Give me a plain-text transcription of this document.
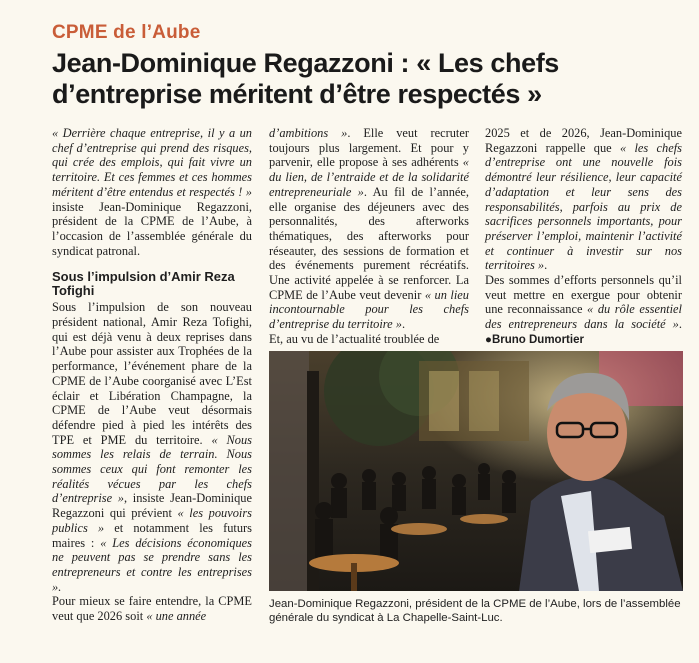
CPME de l’Aube
Jean-Dominique Regazzoni : « Les chefs d’entreprise méritent d’être respectés »

« Derrière chaque entreprise, il y a un chef d’entreprise qui prend des risques, qui crée des emplois, qui fait vivre un territoire. Et ces femmes et ces hommes méritent d’être entendus et respectés ! » insiste Jean-Dominique Regazzoni, président de la CPME de l’Aube, à l’occasion de l’assemblée générale du syndicat patronal.

Sous l’impulsion d’Amir Reza Tofighi

Sous l’impulsion de son nouveau président national, Amir Reza Tofighi, qui est déjà venu à deux reprises dans l’Aube pour assister aux Trophées de la performance, l’événement phare de la CPME de l’Aube coorganisé avec L’Est éclair et Libération Champagne, la CPME de l’Aube veut désormais défendre pied à pied les intérêts des TPE et PME du territoire. « Nous sommes les relais de terrain. Nous sommes ceux qui font remonter les réalités vécues par les chefs d’entreprise », insiste Jean-Dominique Regazzoni qui prévient « les pouvoirs publics » et notamment les futurs maires : « Les décisions économiques ne peuvent pas se prendre sans les entrepreneurs et contre les entreprises ».

Pour mieux se faire entendre, la CPME veut que 2026 soit « une année

d’ambitions ». Elle veut recruter toujours plus largement. Et pour y parvenir, elle propose à ses adhérents « du lien, de l’entraide et de la solidarité entrepreneuriale ». Au fil de l’année, elle organise des déjeuners avec des personnalités, des afterworks thématiques, des afterworks pour réseauter, des sessions de formation et des événements purement récréatifs. Une activité appelée à se renforcer. La CPME de l’Aube veut devenir « un lieu incontournable pour les chefs d’entreprise du territoire ».

Et, au vu de l’actualité troublée de

2025 et de 2026, Jean-Dominique Regazzoni rappelle que « les chefs d’entreprise ont une nouvelle fois démontré leur résilience, leur capacité d’adaptation et leur sens des responsabilités, parfois au prix de sacrifices personnels importants, pour préserver l’emploi, maintenir l’activité et continuer à investir sur nos territoires ».

Des sommes d’efforts personnels qu’il veut mettre en exergue pour obtenir une reconnaissance « du rôle essentiel des entrepreneurs dans la société ». ●Bruno Dumortier

Jean-Dominique Regazzoni, président de la CPME de l’Aube, lors de l’assemblée générale du syndicat à La Chapelle-Saint-Luc.
